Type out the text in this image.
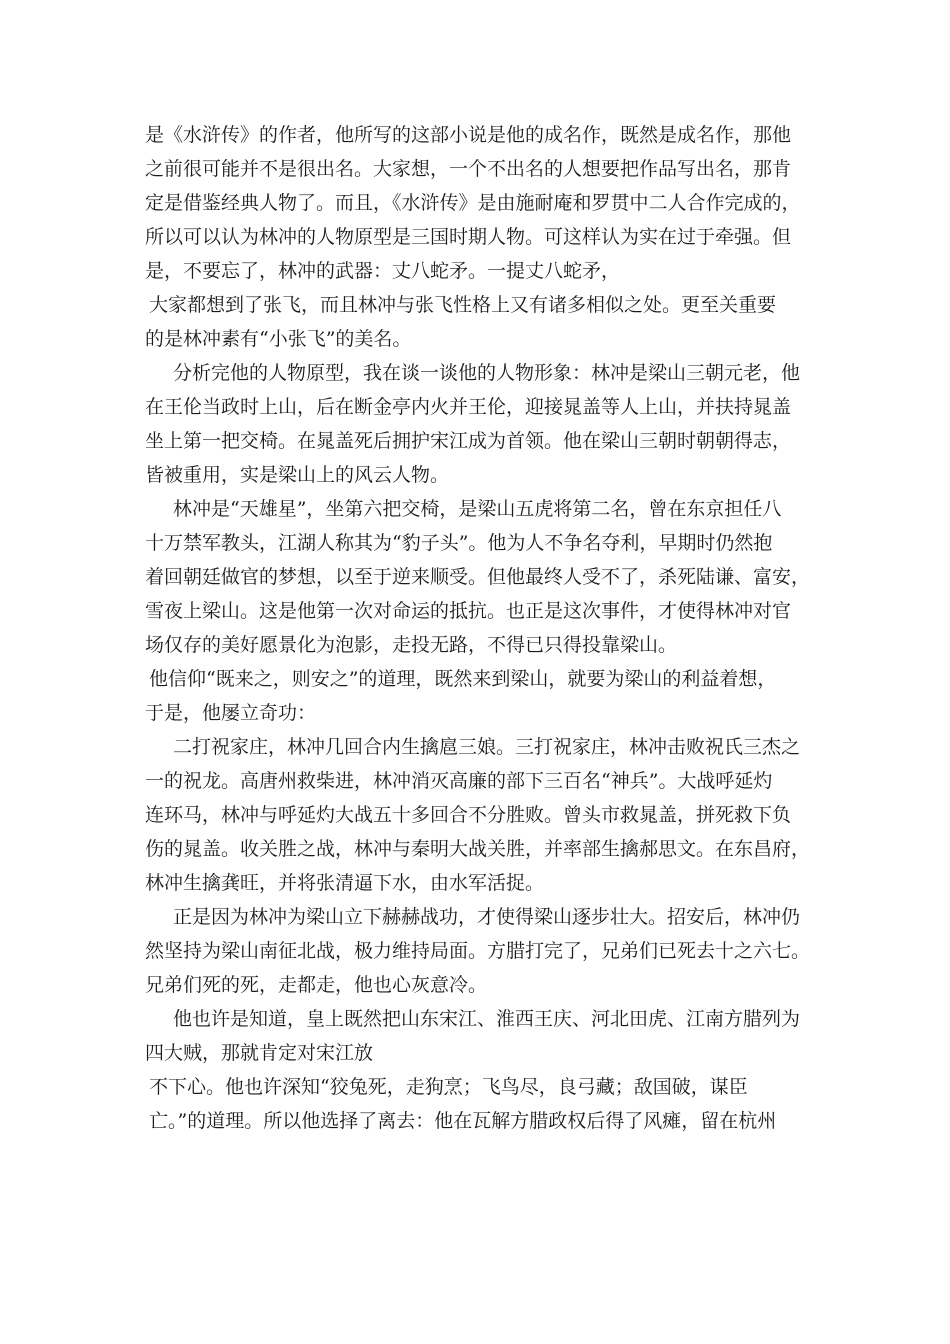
是《水浒传》的作者，他所写的这部小说是他的成名作，既然是成名作，那他
之前很可能并不是很出名。大家想，一个不出名的人想要把作品写出名，那肯
定是借鉴经典人物了。而且，《水浒传》是由施耐庵和罗贯中二人合作完成的，
所以可以认为林冲的人物原型是三国时期人物。可这样认为实在过于牵强。但
是，不要忘了，林冲的武器：丈八蛇矛。一提丈八蛇矛，
大家都想到了张飞，而且林冲与张飞性格上又有诸多相似之处。更至关重要
的是林冲素有“小张飞”的美名。
分析完他的人物原型，我在谈一谈他的人物形象：林冲是梁山三朝元老，他
在王伦当政时上山，后在断金亭内火并王伦，迎接晁盖等人上山，并扶持晁盖
坐上第一把交椅。在晁盖死后拥护宋江成为首领。他在梁山三朝时朝朝得志，
皆被重用，实是梁山上的风云人物。
林冲是“天雄星”，坐第六把交椅，是梁山五虎将第二名，曾在东京担任八
十万禁军教头，江湖人称其为“豹子头”。他为人不争名夺利，早期时仍然抱
着回朝廷做官的梦想，以至于逆来顺受。但他最终人受不了，杀死陆谦、富安，
雪夜上梁山。这是他第一次对命运的抵抗。也正是这次事件，才使得林冲对官
场仅存的美好愿景化为泡影，走投无路，不得已只得投靠梁山。
他信仰“既来之，则安之”的道理，既然来到梁山，就要为梁山的利益着想，
于是，他屡立奇功：
二打祝家庄，林冲几回合内生擒扈三娘。三打祝家庄，林冲击败祝氏三杰之
一的祝龙。高唐州救柴进，林冲消灭高廉的部下三百名“神兵”。大战呼延灼
连环马，林冲与呼延灼大战五十多回合不分胜败。曾头市救晁盖，拼死救下负
伤的晁盖。收关胜之战，林冲与秦明大战关胜，并率部生擒郝思文。在东昌府，
林冲生擒龚旺，并将张清逼下水，由水军活捉。
正是因为林冲为梁山立下赫赫战功，才使得梁山逐步壮大。招安后，林冲仍
然坚持为梁山南征北战，极力维持局面。方腊打完了，兄弟们已死去十之六七。
兄弟们死的死，走都走，他也心灰意冷。
他也许是知道，皇上既然把山东宋江、淮西王庆、河北田虎、江南方腊列为
四大贼，那就肯定对宋江放
不下心。他也许深知“狡兔死，走狗烹；飞鸟尽，良弓藏；敌国破，谋臣
亡。”的道理。所以他选择了离去：他在瓦解方腊政权后得了风瘫，留在杭州
